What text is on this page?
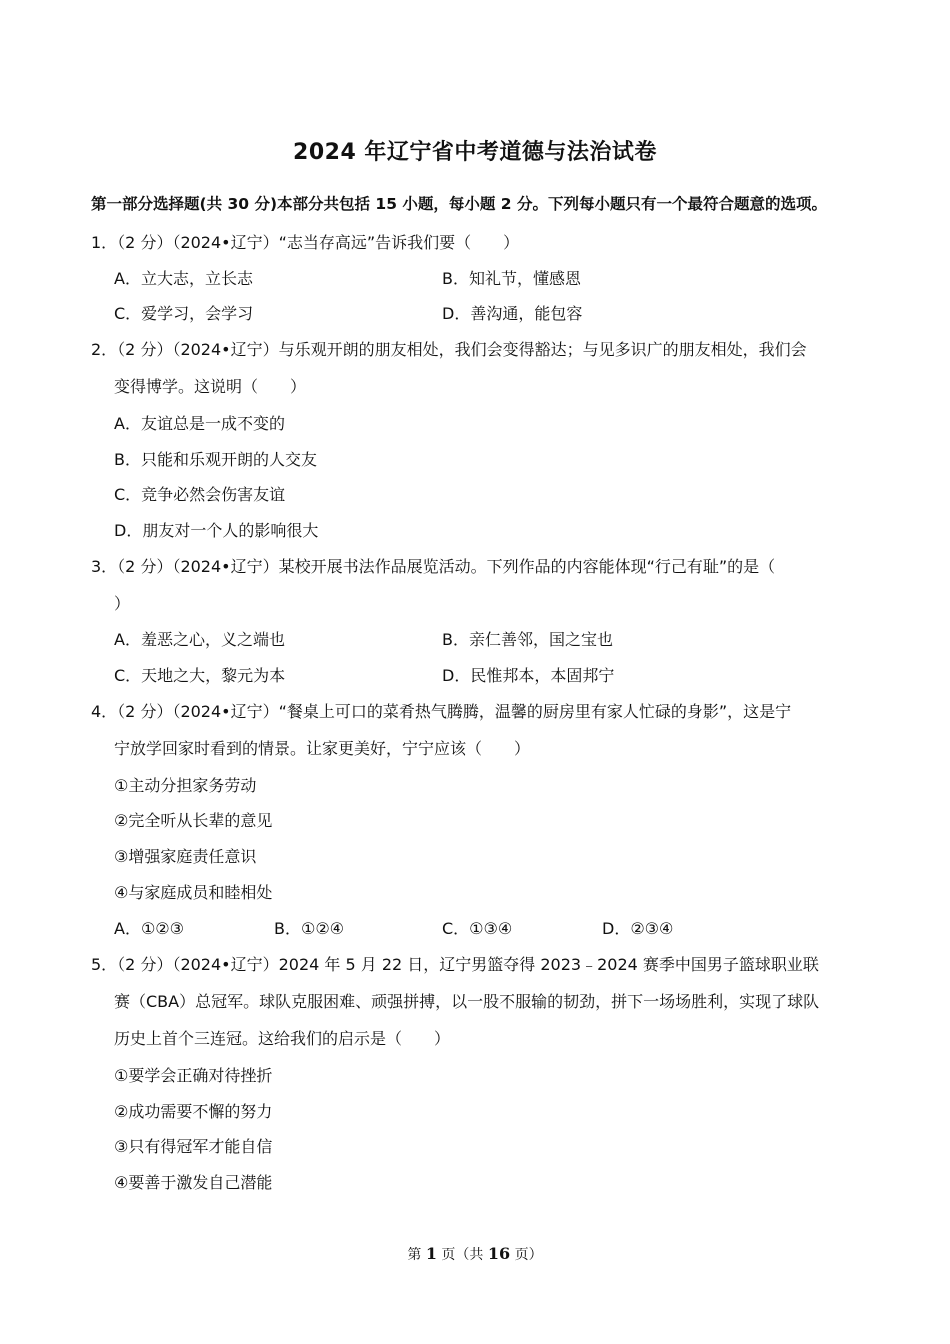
2024 年辽宁省中考道德与法治试卷
第一部分选择题(共 30 分)本部分共包括 15 小题，每小题 2 分。下列每小题只有一个最符合题意的选项。
1．（2 分）（2024•辽宁）“志当存高远”告诉我们要（　　）
A．立大志，立长志	B．知礼节，懂感恩
C．爱学习，会学习	D．善沟通，能包容
2．（2 分）（2024•辽宁）与乐观开朗的朋友相处，我们会变得豁达；与见多识广的朋友相处，我们会
变得博学。这说明（　　）
A．友谊总是一成不变的
B．只能和乐观开朗的人交友
C．竞争必然会伤害友谊
D．朋友对一个人的影响很大
3．（2 分）（2024•辽宁）某校开展书法作品展览活动。下列作品的内容能体现“行己有耻”的是（
）
A．羞恶之心，义之端也	B．亲仁善邻，国之宝也
C．天地之大，黎元为本	D．民惟邦本，本固邦宁
4．（2 分）（2024•辽宁）“餐桌上可口的菜肴热气腾腾，温馨的厨房里有家人忙碌的身影”，这是宁
宁放学回家时看到的情景。让家更美好，宁宁应该（　　）
①主动分担家务劳动
②完全听从长辈的意见
③增强家庭责任意识
④与家庭成员和睦相处
A．①②③	B．①②④	C．①③④	D．②③④
5．（2 分）（2024•辽宁）2024 年 5 月 22 日，辽宁男篮夺得 2023﹣2024 赛季中国男子篮球职业联
赛（CBA）总冠军。球队克服困难、顽强拼搏，以一股不服输的韧劲，拼下一场场胜利，实现了球队
历史上首个三连冠。这给我们的启示是（　　）
①要学会正确对待挫折
②成功需要不懈的努力
③只有得冠军才能自信
④要善于激发自己潜能
第 1 页（共 16 页）
